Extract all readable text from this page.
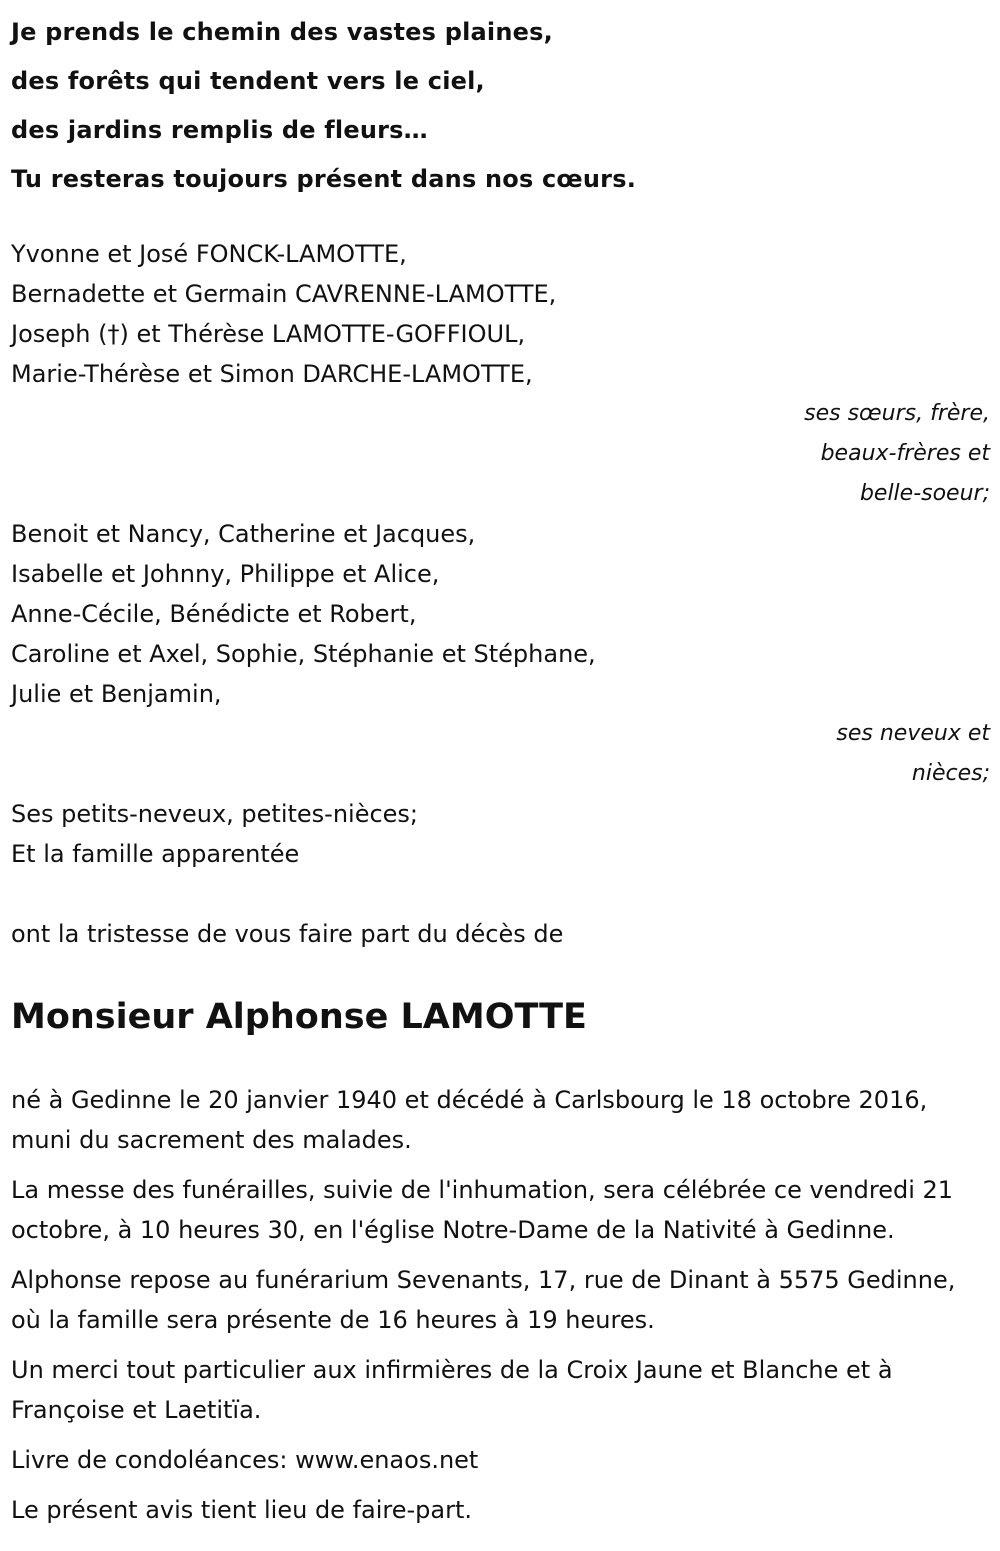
Je prends le chemin des vastes plaines,
des forêts qui tendent vers le ciel,
des jardins remplis de fleurs…
Tu resteras toujours présent dans nos cœurs.
Yvonne et José FONCK-LAMOTTE,
Bernadette et Germain CAVRENNE-LAMOTTE,
Joseph (†) et Thérèse LAMOTTE-GOFFIOUL,
Marie-Thérèse et Simon DARCHE-LAMOTTE,
ses sœurs, frère,
beaux-frères et
belle-soeur;
Benoit et Nancy, Catherine et Jacques,
Isabelle et Johnny, Philippe et Alice,
Anne-Cécile, Bénédicte et Robert,
Caroline et Axel, Sophie, Stéphanie et Stéphane,
Julie et Benjamin,
ses neveux et
nièces;
Ses petits-neveux, petites-nièces;
Et la famille apparentée
ont la tristesse de vous faire part du décès de
Monsieur Alphonse LAMOTTE

né à Gedinne le 20 janvier 1940 et décédé à Carlsbourg le 18 octobre 2016, muni du sacrement des malades.

La messe des funérailles, suivie de l'inhumation, sera célébrée ce vendredi 21 octobre, à 10 heures 30, en l'église Notre-Dame de la Nativité à Gedinne.

Alphonse repose au funérarium Sevenants, 17, rue de Dinant à 5575 Gedinne, où la famille sera présente de 16 heures à 19 heures.

Un merci tout particulier aux infirmières de la Croix Jaune et Blanche et à Françoise et Laetitïa.

Livre de condoléances: www.enaos.net

Le présent avis tient lieu de faire-part.
